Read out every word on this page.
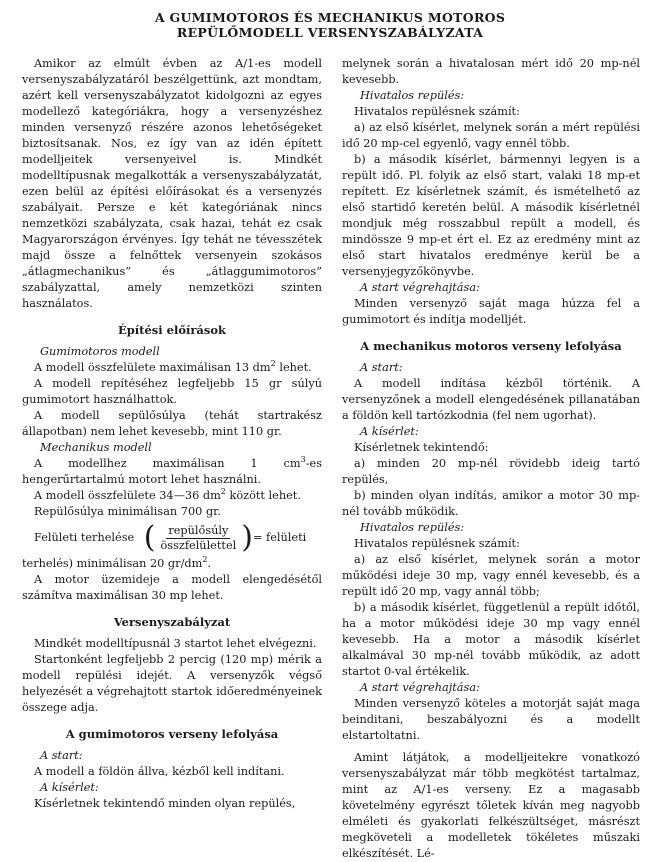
A GUMIMOTOROS ÉS MECHANIKUS MOTOROS
REPÜLŐMODELL VERSENYSZABÁLYZATA

Amikor az elmúlt évben az A/1-es modell versenyszabályzatáról beszélgettünk, azt mondtam, azért kell versenyszabályzatot kidolgozni az egyes modellező kategóriákra, hogy a versenyzéshez minden versenyző részére azonos lehetőségeket biztosítsanak. Nos, ez így van az idén épített modelljeitek versenyeivel is. Mindkét modelltípusnak megalkották a versenyszabályzatát, ezen belül az építési előírásokat és a versenyzés szabályait. Persze e két kategóriának nincs nemzetközi szabályzata, csak hazai, tehát ez csak Magyarországon érvényes. Így tehát ne tévesszétek majd össze a felnőttek versenyein szokásos „átlagmechanikus” és „átlaggumimotoros” szabályzattal, amely nemzetközi szinten használatos.

Építési előírások

Gumimotoros modell

A modell összfelülete maximálisan 13 $dm^2$ lehet.

A modell repítéséhez legfeljebb 15 gr súlyú gumimotort használhattok.

A modell sepülősúlya (tehát startrakész állapotban) nem lehet kevesebb, mint 110 gr.

Mechanikus modell

A modellhez maximálisan 1 $cm^3-es$ hengerűrtartalmú motort lehet használni.

A modell összfelülete 34—36 $dm^2$ között lehet.

Repülősúlya minimálisan 700 gr.

Felületi terhelése ( $\frac{\text{repülősúly}}{\text{összfelülettel}}$ ) = felületi

terhelés) minimálisan 20 $gr/dm^2$.

A motor üzemideje a modell elengedésétől számítva maximálisan 30 mp lehet.

Versenyszabályzat

Mindkét modelltípusnál 3 startot lehet elvégezni.

Startonként legfeljebb 2 percig (120 mp) mérik a modell repülési idejét. A versenyzők végső helyezését a végrehajtott startok időeredményeinek összege adja.

A gumimotoros verseny lefolyása

A start:

A modell a földön állva, kézből kell indítani.

A kísérlet:

Kísérletnek tekintendő minden olyan repülés,

melynek során a hivatalosan mért idő 20 mp-nél kevesebb.

Hivatalos repülés:

Hivatalos repülésnek számít:

a) az első kísérlet, melynek során a mért repülési idő 20 mp-cel egyenlő, vagy ennél több.

b) a második kísérlet, bármennyi legyen is a repült idő. Pl. folyik az első start, valaki 18 mp-et repített. Ez kísérletnek számít, és ismételhető az első startidő keretén belül. A második kísérletnél mondjuk még rosszabbul repült a modell, és mindössze 9 mp-et ért el. Ez az eredmény mint az első start hivatalos eredménye kerül be a versenyjegyzőkönyvbe.

A start végrehajtása:

Minden versenyző saját maga húzza fel a gumimotort és indítja modelljét.

A mechanikus motoros verseny lefolyása

A start:

A modell indítása kézből történik. A versenyzőnek a modell elengedésének pillanatában a földön kell tartózkodnia (fel nem ugorhat).

A kísérlet:

Kísérletnek tekintendő:

a) minden 20 mp-nél rövidebb ideig tartó repülés,

b) minden olyan indítás, amikor a motor 30 mp-nél tovább működik.

Hivatalos repülés:

Hivatalos repülésnek számít:

a) az első kísérlet, melynek során a motor működési ideje 30 mp, vagy ennél kevesebb, és a repült idő 20 mp, vagy annál több;

b) a második kísérlet, függetlenül a repült időtől, ha a motor működési ideje 30 mp vagy ennél kevesebb. Ha a motor a második kísérlet alkalmával 30 mp-nél tovább működik, az adott startot 0-val értékelik.

A start végrehajtása:

Minden versenyző köteles a motorját saját maga beinditani, beszabályozni és a modellt elstartoltatni.

Amint látjátok, a modelljeitekre vonatkozó versenyszabályzat már több megkötést tartalmaz, mint az A/1-es verseny. Ez a magasabb követelmény egyrészt tőletek kíván meg nagyobb elméleti és gyakorlati felkészültséget, másrészt megköveteli a modelletek tökéletes műszaki elkészítését. Lé-
